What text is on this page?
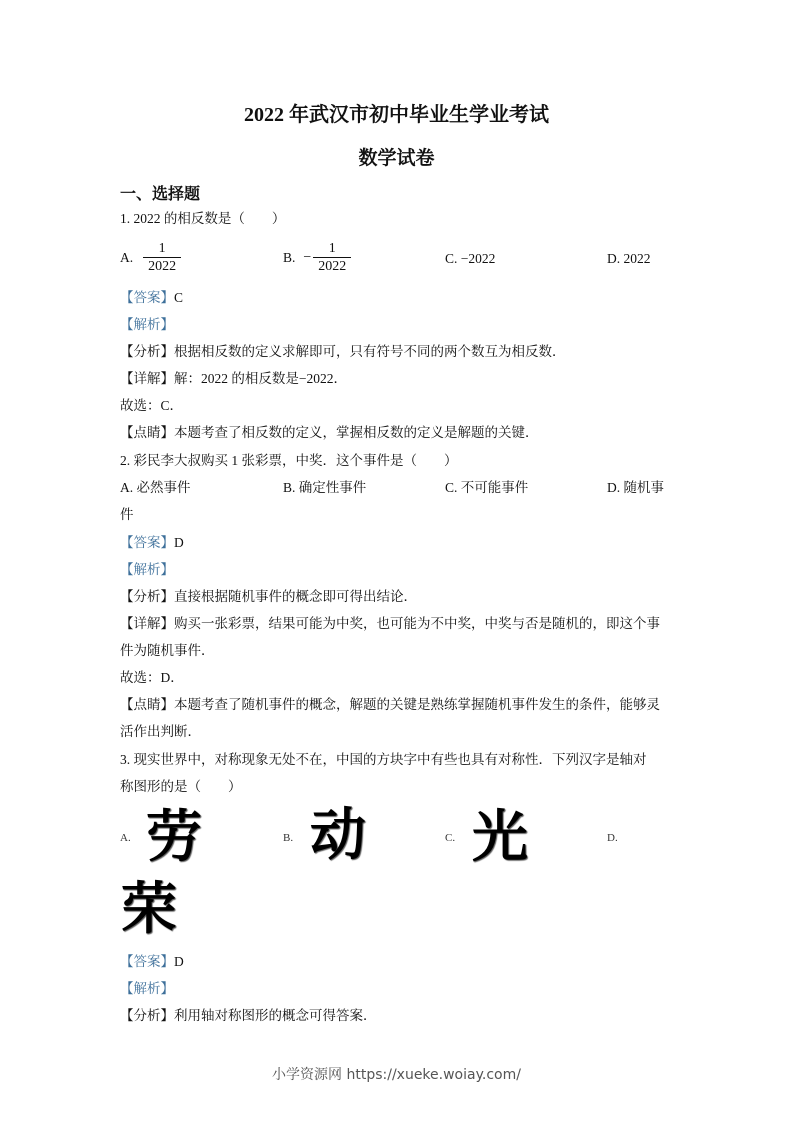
2022 年武汉市初中毕业生学业考试
数学试卷
一、选择题
1. 2022 的相反数是（　　）
A. $\frac{1}{2022}$	B. − $\frac{1}{2022}$	C. −2022	D. 2022
【答案】C
【解析】
【分析】根据相反数的定义求解即可，只有符号不同的两个数互为相反数．
【详解】解：2022 的相反数是−2022．
故选：C．
【点睛】本题考查了相反数的定义，掌握相反数的定义是解题的关键．
2. 彩民李大叔购买 1 张彩票，中奖．这个事件是（　　）
A. 必然事件	B. 确定性事件	C. 不可能事件	D. 随机事
件
【答案】D
【解析】
【分析】直接根据随机事件的概念即可得出结论．
【详解】购买一张彩票，结果可能为中奖，也可能为不中奖，中奖与否是随机的，即这个事
件为随机事件．
故选：D．
【点睛】本题考查了随机事件的概念，解题的关键是熟练掌握随机事件发生的条件，能够灵
活作出判断．
3. 现实世界中，对称现象无处不在，中国的方块字中有些也具有对称性．下列汉字是轴对
称图形的是（　　）
A. 劳	B. 动	C. 光	D.
荣
【答案】D
【解析】
【分析】利用轴对称图形的概念可得答案．
小学资源网 https://xueke.woiay.com/
